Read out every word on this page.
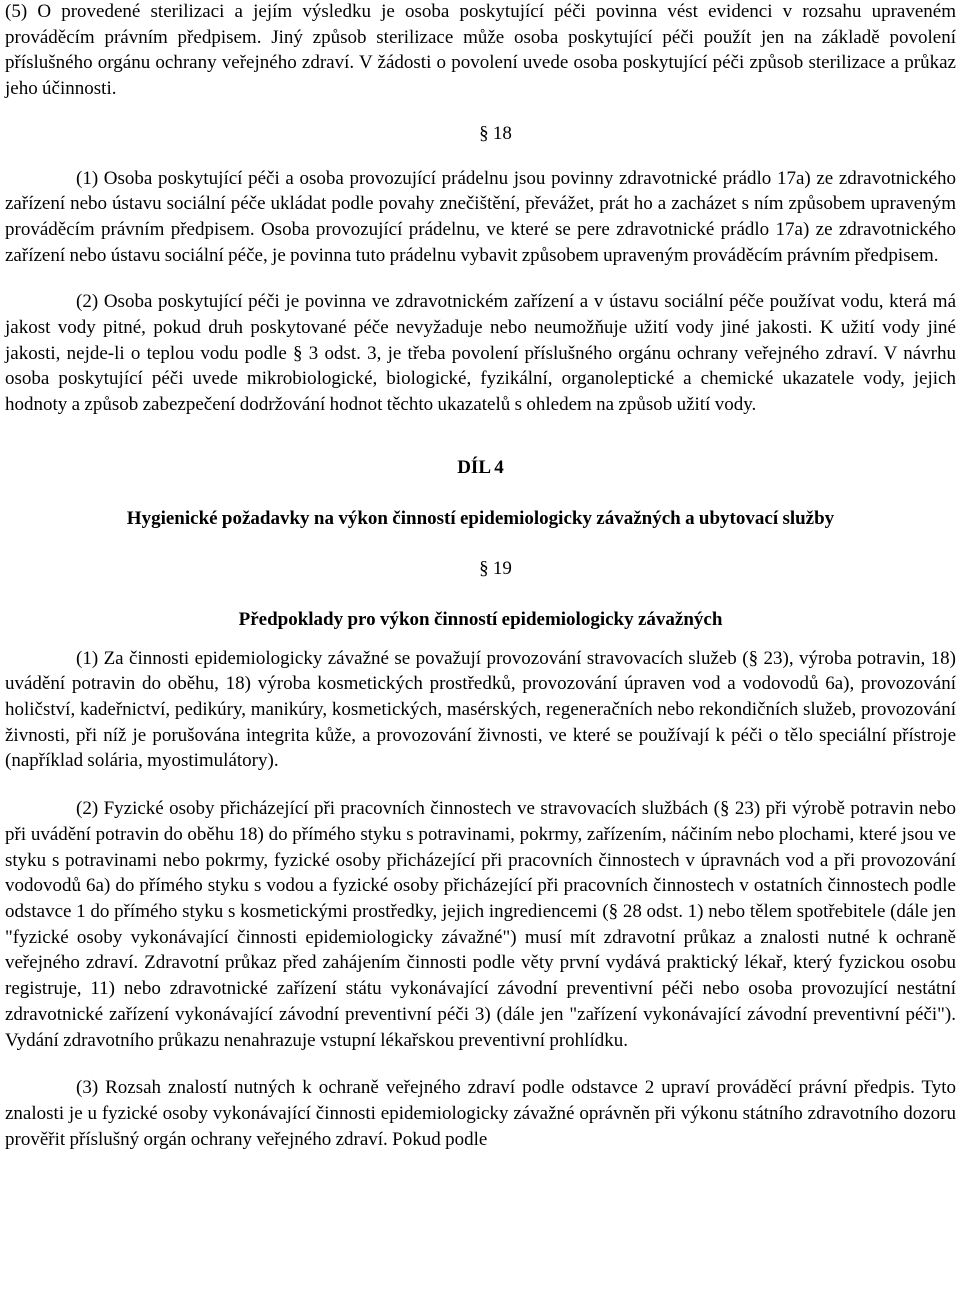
(5) O provedené sterilizaci a jejím výsledku je osoba poskytující péči povinna vést evidenci v rozsahu upraveném prováděcím právním předpisem. Jiný způsob sterilizace může osoba poskytující péči použít jen na základě povolení příslušného orgánu ochrany veřejného zdraví. V žádosti o povolení uvede osoba poskytující péči způsob sterilizace a průkaz jeho účinnosti.

§ 18

(1) Osoba poskytující péči a osoba provozující prádelnu jsou povinny zdravotnické prádlo 17a) ze zdravotnického zařízení nebo ústavu sociální péče ukládat podle povahy znečištění, převážet, prát ho a zacházet s ním způsobem upraveným prováděcím právním předpisem. Osoba provozující prádelnu, ve které se pere zdravotnické prádlo 17a) ze zdravotnického zařízení nebo ústavu sociální péče, je povinna tuto prádelnu vybavit způsobem upraveným prováděcím právním předpisem.

(2) Osoba poskytující péči je povinna ve zdravotnickém zařízení a v ústavu sociální péče používat vodu, která má jakost vody pitné, pokud druh poskytované péče nevyžaduje nebo neumožňuje užití vody jiné jakosti. K užití vody jiné jakosti, nejde-li o teplou vodu podle § 3 odst. 3, je třeba povolení příslušného orgánu ochrany veřejného zdraví. V návrhu osoba poskytující péči uvede mikrobiologické, biologické, fyzikální, organoleptické a chemické ukazatele vody, jejich hodnoty a způsob zabezpečení dodržování hodnot těchto ukazatelů s ohledem na způsob užití vody.

DÍL 4

Hygienické požadavky na výkon činností epidemiologicky závažných a ubytovací služby

§ 19

Předpoklady pro výkon činností epidemiologicky závažných

(1) Za činnosti epidemiologicky závažné se považují provozování stravovacích služeb (§ 23), výroba potravin, 18) uvádění potravin do oběhu, 18) výroba kosmetických prostředků, provozování úpraven vod a vodovodů 6a), provozování holičství, kadeřnictví, pedikúry, manikúry, kosmetických, masérských, regeneračních nebo rekondičních služeb, provozování živnosti, při níž je porušována integrita kůže, a provozování živnosti, ve které se používají k péči o tělo speciální přístroje (například solária, myostimulátory).

(2) Fyzické osoby přicházející při pracovních činnostech ve stravovacích službách (§ 23) při výrobě potravin nebo při uvádění potravin do oběhu 18) do přímého styku s potravinami, pokrmy, zařízením, náčiním nebo plochami, které jsou ve styku s potravinami nebo pokrmy, fyzické osoby přicházející při pracovních činnostech v úpravnách vod a při provozování vodovodů 6a) do přímého styku s vodou a fyzické osoby přicházející při pracovních činnostech v ostatních činnostech podle odstavce 1 do přímého styku s kosmetickými prostředky, jejich ingrediencemi (§ 28 odst. 1) nebo tělem spotřebitele (dále jen "fyzické osoby vykonávající činnosti epidemiologicky závažné") musí mít zdravotní průkaz a znalosti nutné k ochraně veřejného zdraví. Zdravotní průkaz před zahájením činnosti podle věty první vydává praktický lékař, který fyzickou osobu registruje, 11) nebo zdravotnické zařízení státu vykonávající závodní preventivní péči nebo osoba provozující nestátní zdravotnické zařízení vykonávající závodní preventivní péči 3) (dále jen "zařízení vykonávající závodní preventivní péči"). Vydání zdravotního průkazu nenahrazuje vstupní lékařskou preventivní prohlídku.

(3) Rozsah znalostí nutných k ochraně veřejného zdraví podle odstavce 2 upraví prováděcí právní předpis. Tyto znalosti je u fyzické osoby vykonávající činnosti epidemiologicky závažné oprávněn při výkonu státního zdravotního dozoru prověřit příslušný orgán ochrany veřejného zdraví. Pokud podle
